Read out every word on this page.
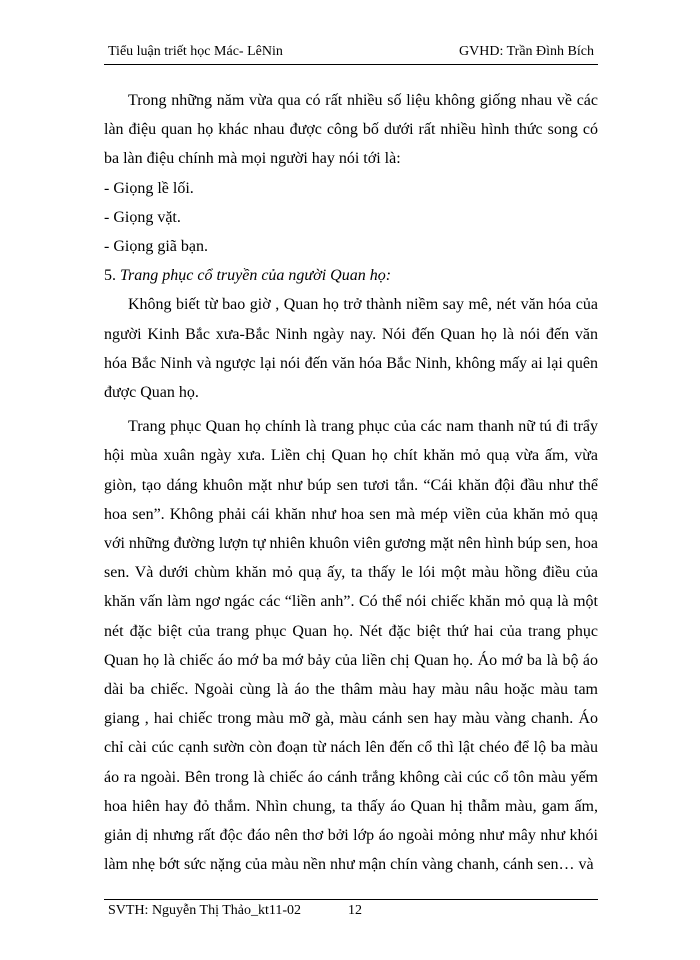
Tiểu luận triết học Mác- LêNin	GVHD: Trần Đình Bích

Trong những năm vừa qua có rất nhiều số liệu không giống nhau về các làn điệu quan họ khác nhau được công bố dưới rất nhiều hình thức song có ba làn điệu chính mà mọi người hay nói tới là:

- Giọng lề lối.

- Giọng vặt.

- Giọng giã bạn.

5. Trang phục cổ truyền của người Quan họ:

Không biết từ bao giờ , Quan họ trở thành niềm say mê, nét văn hóa của người Kinh Bắc xưa-Bắc Ninh ngày nay. Nói đến Quan họ là nói đến văn hóa Bắc Ninh và ngược lại nói đến văn hóa Bắc Ninh, không mấy ai lại quên được Quan họ.

Trang phục Quan họ chính là trang phục của các nam thanh nữ tú đi trẩy hội mùa xuân ngày xưa. Liền chị Quan họ chít khăn mỏ quạ vừa ấm, vừa giòn, tạo dáng khuôn mặt như búp sen tươi tắn. “Cái khăn đội đầu như thể hoa sen”. Không phải cái khăn như hoa sen mà mép viền của khăn mỏ quạ với những đường lượn tự nhiên khuôn viên gương mặt nên hình búp sen, hoa sen. Và dưới chùm khăn mỏ quạ ấy, ta thấy le lói một màu hồng điều của khăn vấn làm ngơ ngác các “liền anh”. Có thể nói chiếc khăn mỏ quạ là một nét đặc biệt của trang phục Quan họ. Nét đặc biệt thứ hai của trang phục Quan họ là chiếc áo mớ ba mớ bảy của liền chị Quan họ. Áo mớ ba là bộ áo dài ba chiếc. Ngoài cùng là áo the thâm màu hay màu nâu hoặc màu tam giang , hai chiếc trong màu mỡ gà, màu cánh sen hay màu vàng chanh. Áo chỉ cài cúc cạnh sườn còn đoạn từ nách lên đến cổ thì lật chéo để lộ ba màu áo ra ngoài. Bên trong là chiếc áo cánh trắng không cài cúc cổ tôn màu yếm hoa hiên hay đỏ thắm. Nhìn chung, ta thấy áo Quan hị thẫm màu, gam ấm, giản dị nhưng rất độc đáo nên thơ bởi lớp áo ngoài mỏng như mây như khói làm nhẹ bớt sức nặng của màu nền như mận chín vàng chanh, cánh sen… và

SVTH: Nguyễn Thị Thảo_kt11-02	12
